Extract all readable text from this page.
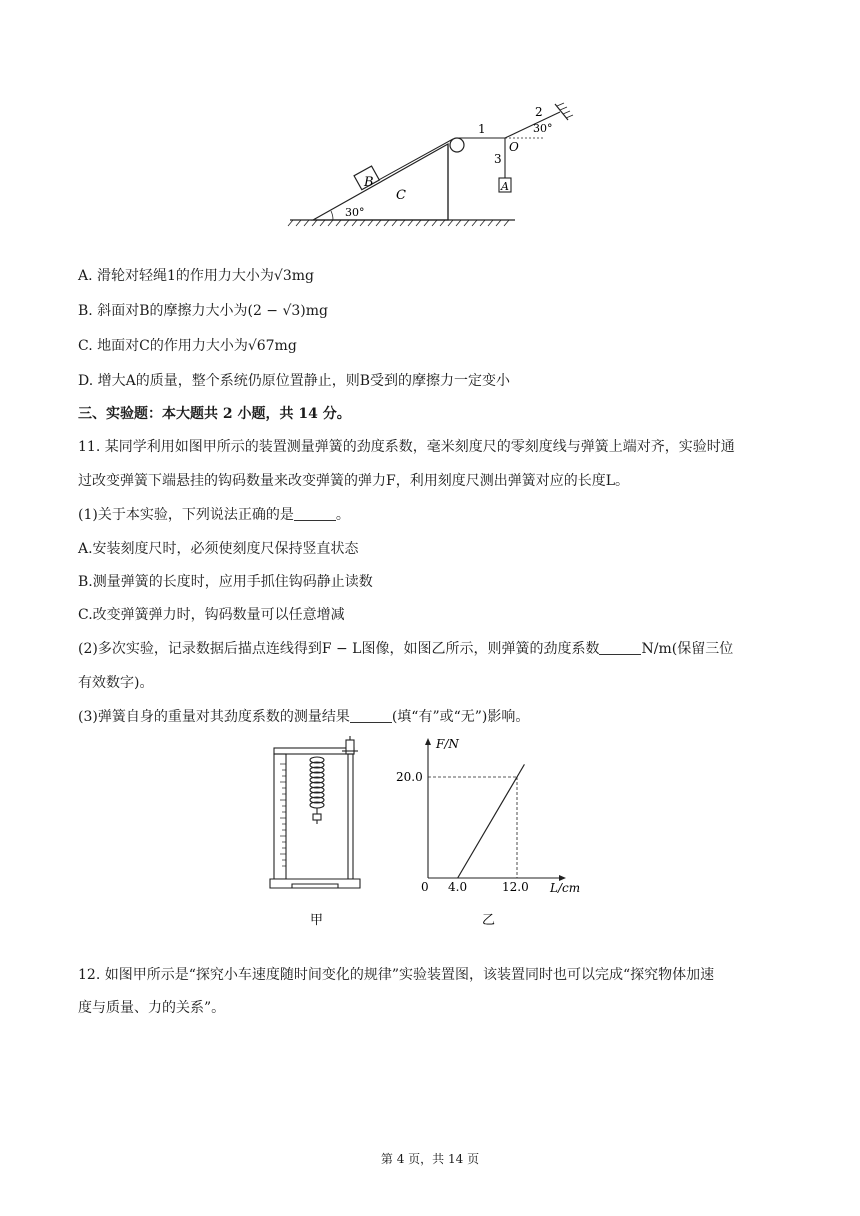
B
C
30°
1
2
30°
O
3
A
A. 滑轮对轻绳1的作用力大小为√3mg
B. 斜面对B的摩擦力大小为(2 − √3)mg
C. 地面对C的作用力大小为√67mg
D. 增大A的质量，整个系统仍原位置静止，则B受到的摩擦力一定变小
三、实验题：本大题共 2 小题，共 14 分。
11. 某同学利用如图甲所示的装置测量弹簧的劲度系数，毫米刻度尺的零刻度线与弹簧上端对齐，实验时通
过改变弹簧下端悬挂的钩码数量来改变弹簧的弹力F，利用刻度尺测出弹簧对应的长度L。
(1)关于本实验，下列说法正确的是	。
A.安装刻度尺时，必须使刻度尺保持竖直状态
B.测量弹簧的长度时，应用手抓住钩码静止读数
C.改变弹簧弹力时，钩码数量可以任意增减
(2)多次实验，记录数据后描点连线得到F − L图像，如图乙所示，则弹簧的劲度系数	N/m(保留三位
有效数字)。
(3)弹簧自身的重量对其劲度系数的测量结果	(填“有”或“无”)影响。
甲
F/N
L/cm
20.0
0 4.0	12.0
乙
12. 如图甲所示是“探究小车速度随时间变化的规律”实验装置图，该装置同时也可以完成“探究物体加速
度与质量、力的关系”。
第 4 页，共 14 页
